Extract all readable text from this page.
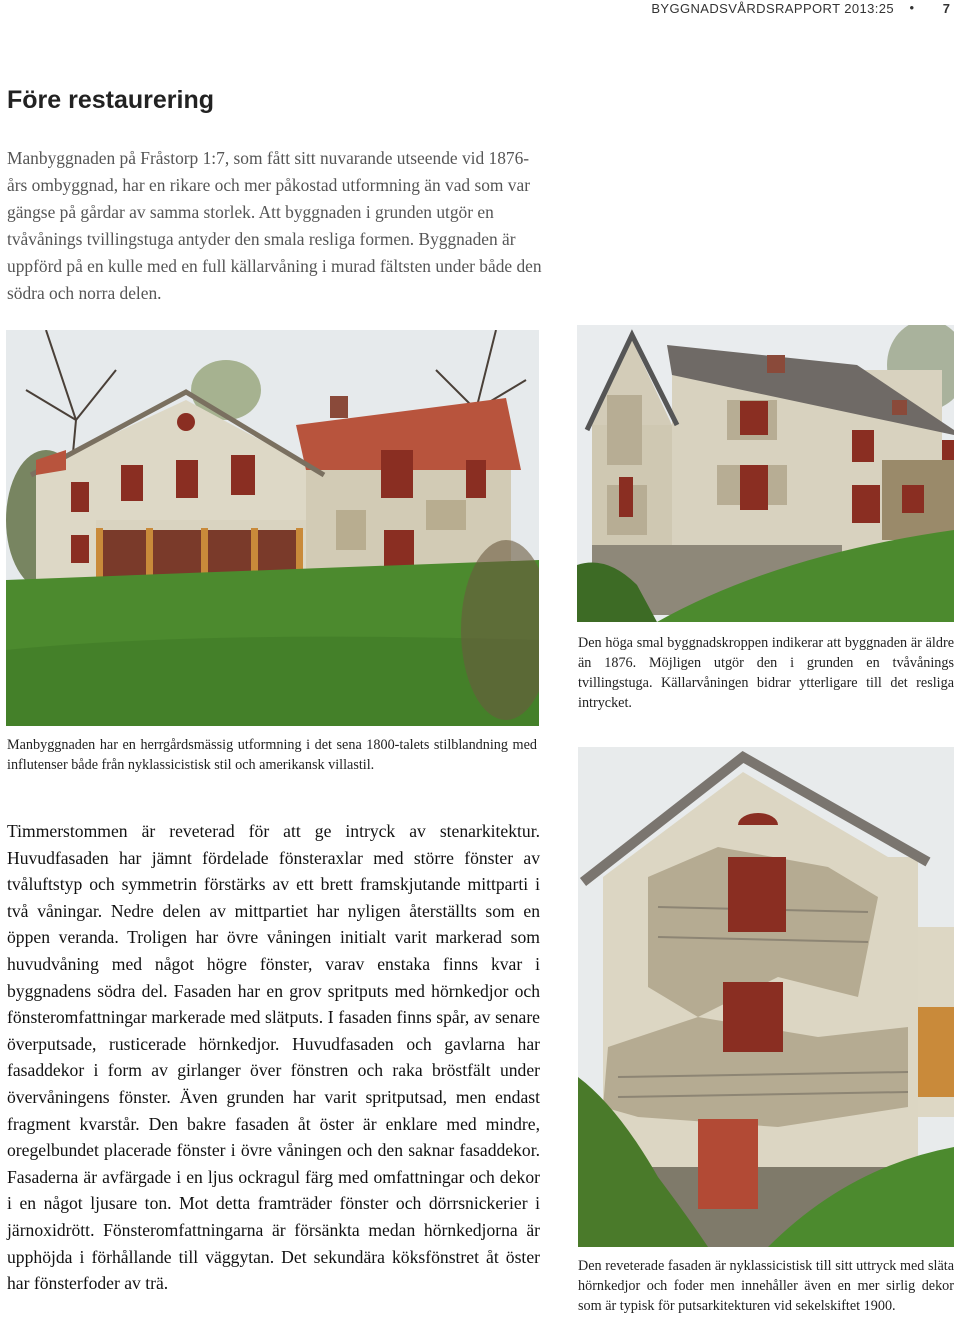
BYGGNADSVÅRDSRAPPORT 2013:25 • 7
Före restaurering

Manbyggnaden på Fråstorp 1:7, som fått sitt nuvarande utseende vid 1876-års ombyggnad, har en rikare och mer påkostad utformning än vad som var gängse på gårdar av samma storlek. Att byggnaden i grunden utgör en tvåvånings tvillingstuga antyder den smala resliga formen. Byggnaden är uppförd på en kulle med en full källarvåning i murad fältsten under både den södra och norra delen.

Manbyggnaden har en herrgårdsmässig utformning i det sena 1800-talets stilblandning med influtenser både från nyklassicistisk stil och amerikansk villastil.

Den höga smal byggnadskroppen indikerar att byggnaden är äldre än 1876. Möjligen utgör den i grunden en tvåvånings tvillingstuga. Källarvåningen bidrar ytterligare till det resliga intrycket.

Den reveterade fasaden är nyklassicistisk till sitt uttryck med släta hörnkedjor och foder men innehåller även en mer sirlig dekor som är typisk för putsarkitekturen vid sekelskiftet 1900.

Timmerstommen är reveterad för att ge intryck av stenarkitektur. Huvudfasaden har jämnt fördelade fönsteraxlar med större fönster av tvåluftstyp och symmetrin förstärks av ett brett framskjutande mittparti i två våningar. Nedre delen av mittpartiet har nyligen återställts som en öppen veranda. Troligen har övre våningen initialt varit markerad som huvudvåning med något högre fönster, varav enstaka finns kvar i byggnadens södra del. Fasaden har en grov spritputs med hörnkedjor och fönsteromfattningar markerade med slätputs. I fasaden finns spår, av senare överputsade, rusticerade hörnkedjor. Huvudfasaden och gavlarna har fasaddekor i form av girlanger över fönstren och raka bröstfält under övervåningens fönster. Även grunden har varit spritputsad, men endast fragment kvarstår. Den bakre fasaden åt öster är enklare med mindre, oregelbundet placerade fönster i övre våningen och den saknar fasaddekor. Fasaderna är avfärgade i en ljus ockragul färg med omfattningar och dekor i en något ljusare ton. Mot detta framträder fönster och dörrsnickerier i järnoxidrött. Fönsteromfattningarna är försänkta medan hörnkedjorna är upphöjda i förhållande till väggytan. Det sekundära köksfönstret åt öster har fönsterfoder av trä.
